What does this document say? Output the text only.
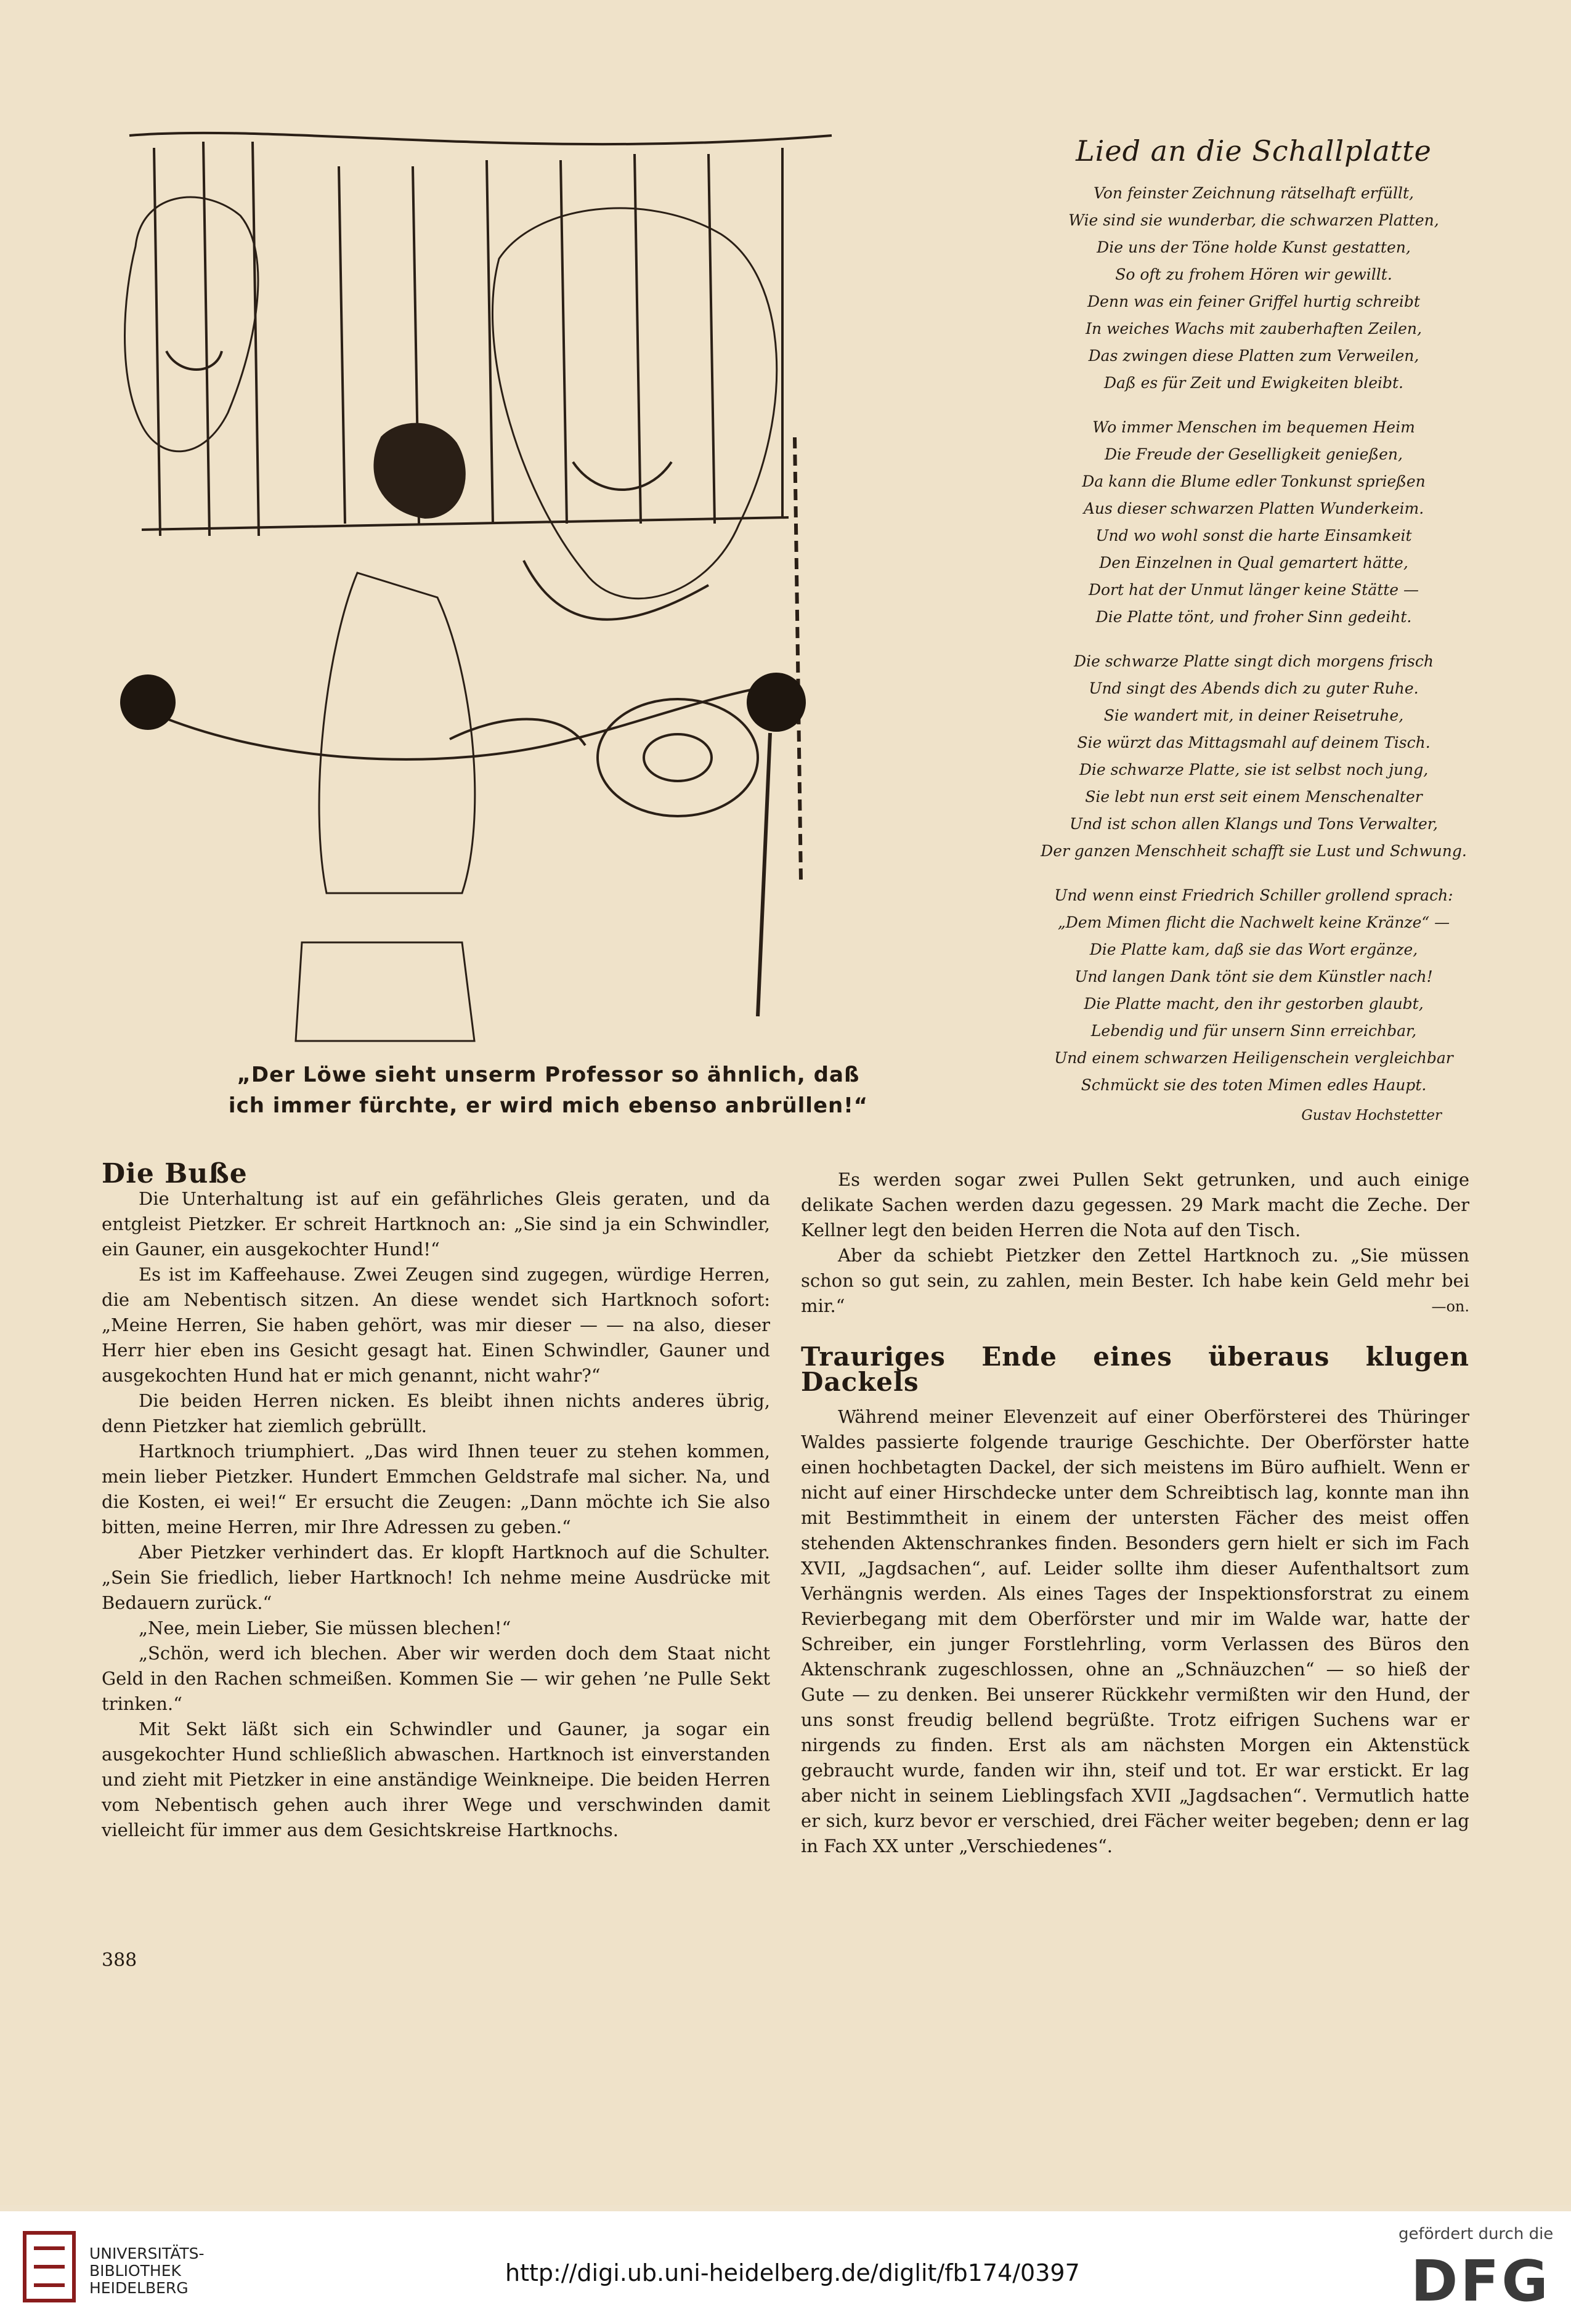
„Der Löwe sieht unserm Professor so ähnlich, daß
ich immer fürchte, er wird mich ebenso anbrüllen!“
Lied an die Schallplatte
Von feinster Zeichnung rätselhaft erfüllt,
Wie sind sie wunderbar, die schwarzen Platten,
Die uns der Töne holde Kunst gestatten,
So oft zu frohem Hören wir gewillt.
Denn was ein feiner Griffel hurtig schreibt
In weiches Wachs mit zauberhaften Zeilen,
Das zwingen diese Platten zum Verweilen,
Daß es für Zeit und Ewigkeiten bleibt.
Wo immer Menschen im bequemen Heim
Die Freude der Geselligkeit genießen,
Da kann die Blume edler Tonkunst sprießen
Aus dieser schwarzen Platten Wunderkeim.
Und wo wohl sonst die harte Einsamkeit
Den Einzelnen in Qual gemartert hätte,
Dort hat der Unmut länger keine Stätte —
Die Platte tönt, und froher Sinn gedeiht.
Die schwarze Platte singt dich morgens frisch
Und singt des Abends dich zu guter Ruhe.
Sie wandert mit, in deiner Reisetruhe,
Sie würzt das Mittagsmahl auf deinem Tisch.
Die schwarze Platte, sie ist selbst noch jung,
Sie lebt nun erst seit einem Menschenalter
Und ist schon allen Klangs und Tons Verwalter,
Der ganzen Menschheit schafft sie Lust und Schwung.
Und wenn einst Friedrich Schiller grollend sprach:
„Dem Mimen flicht die Nachwelt keine Kränze“ —
Die Platte kam, daß sie das Wort ergänze,
Und langen Dank tönt sie dem Künstler nach!
Die Platte macht, den ihr gestorben glaubt,
Lebendig und für unsern Sinn erreichbar,
Und einem schwarzen Heiligenschein vergleichbar
Schmückt sie des toten Mimen edles Haupt.
Gustav Hochstetter

Die Buße

Die Unterhaltung ist auf ein gefährliches Gleis geraten, und da entgleist Pietzker. Er schreit Hartknoch an: „Sie sind ja ein Schwindler, ein Gauner, ein ausgekochter Hund!“

Es ist im Kaffeehause. Zwei Zeugen sind zugegen, würdige Herren, die am Nebentisch sitzen. An diese wendet sich Hartknoch sofort: „Meine Herren, Sie haben gehört, was mir dieser — — na also, dieser Herr hier eben ins Gesicht gesagt hat. Einen Schwindler, Gauner und ausgekochten Hund hat er mich genannt, nicht wahr?“

Die beiden Herren nicken. Es bleibt ihnen nichts anderes übrig, denn Pietzker hat ziemlich gebrüllt.

Hartknoch triumphiert. „Das wird Ihnen teuer zu stehen kommen, mein lieber Pietzker. Hundert Emmchen Geldstrafe mal sicher. Na, und die Kosten, ei wei!“ Er ersucht die Zeugen: „Dann möchte ich Sie also bitten, meine Herren, mir Ihre Adressen zu geben.“

Aber Pietzker verhindert das. Er klopft Hartknoch auf die Schulter. „Sein Sie friedlich, lieber Hartknoch! Ich nehme meine Ausdrücke mit Bedauern zurück.“

„Nee, mein Lieber, Sie müssen blechen!“

„Schön, werd ich blechen. Aber wir werden doch dem Staat nicht Geld in den Rachen schmeißen. Kommen Sie — wir gehen ’ne Pulle Sekt trinken.“

Mit Sekt läßt sich ein Schwindler und Gauner, ja sogar ein ausgekochter Hund schließlich abwaschen. Hartknoch ist einverstanden und zieht mit Pietzker in eine anständige Weinkneipe. Die beiden Herren vom Nebentisch gehen auch ihrer Wege und verschwinden damit vielleicht für immer aus dem Gesichtskreise Hartknochs.

Es werden sogar zwei Pullen Sekt getrunken, und auch einige delikate Sachen werden dazu gegessen. 29 Mark macht die Zeche. Der Kellner legt den beiden Herren die Nota auf den Tisch.

Aber da schiebt Pietzker den Zettel Hartknoch zu. „Sie müssen schon so gut sein, zu zahlen, mein Bester. Ich habe kein Geld mehr bei mir.“	—on.
Trauriges Ende eines überaus klugen Dackels

Während meiner Elevenzeit auf einer Oberförsterei des Thüringer Waldes passierte folgende traurige Geschichte. Der Oberförster hatte einen hochbetagten Dackel, der sich meistens im Büro aufhielt. Wenn er nicht auf einer Hirschdecke unter dem Schreibtisch lag, konnte man ihn mit Bestimmtheit in einem der untersten Fächer des meist offen stehenden Aktenschrankes finden. Besonders gern hielt er sich im Fach XVII, „Jagdsachen“, auf. Leider sollte ihm dieser Aufenthaltsort zum Verhängnis werden. Als eines Tages der Inspektionsforstrat zu einem Revierbegang mit dem Oberförster und mir im Walde war, hatte der Schreiber, ein junger Forstlehrling, vorm Verlassen des Büros den Aktenschrank zugeschlossen, ohne an „Schnäuzchen“ — so hieß der Gute — zu denken. Bei unserer Rückkehr vermißten wir den Hund, der uns sonst freudig bellend begrüßte. Trotz eifrigen Suchens war er nirgends zu finden. Erst als am nächsten Morgen ein Aktenstück gebraucht wurde, fanden wir ihn, steif und tot. Er war erstickt. Er lag aber nicht in seinem Lieblingsfach XVII „Jagdsachen“. Vermutlich hatte er sich, kurz bevor er verschied, drei Fächer weiter begeben; denn er lag in Fach XX unter „Verschiedenes“.

388
UNIVERSITÄTS-
BIBLIOTHEK
HEIDELBERG
http://digi.ub.uni-heidelberg.de/diglit/fb174/0397
gefördert durch die
DFG
